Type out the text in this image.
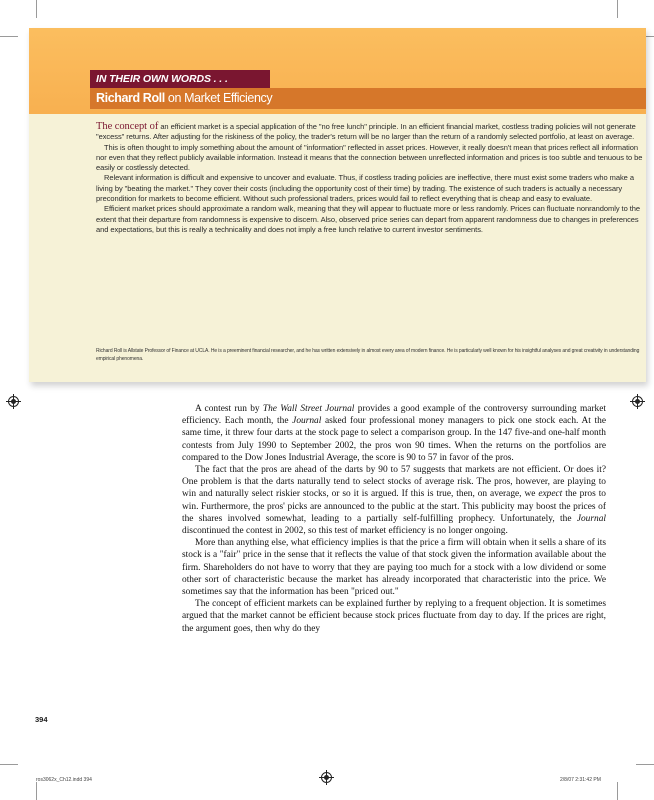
IN THEIR OWN WORDS . . .
Richard Roll on Market Efficiency

The concept of an efficient market is a special application of the "no free lunch" principle. In an efficient financial market, costless trading policies will not generate "excess" returns. After adjusting for the riskiness of the policy, the trader's return will be no larger than the return of a randomly selected portfolio, at least on average.

This is often thought to imply something about the amount of "information" reflected in asset prices. However, it really doesn't mean that prices reflect all information nor even that they reflect publicly available information. Instead it means that the connection between unreflected information and prices is too subtle and tenuous to be easily or costlessly detected.

Relevant information is difficult and expensive to uncover and evaluate. Thus, if costless trading policies are ineffective, there must exist some traders who make a living by "beating the market." They cover their costs (including the opportunity cost of their time) by trading. The existence of such traders is actually a necessary precondition for markets to become efficient. Without such professional traders, prices would fail to reflect everything that is cheap and easy to evaluate.

Efficient market prices should approximate a random walk, meaning that they will appear to fluctuate more or less randomly. Prices can fluctuate nonrandomly to the extent that their departure from randomness is expensive to discern. Also, observed price series can depart from apparent randomness due to changes in preferences and expectations, but this is really a technicality and does not imply a free lunch relative to current investor sentiments.

Richard Roll is Allstate Professor of Finance at UCLA. He is a preeminent financial researcher, and he has written extensively in almost every area of modern finance. He is particularly well known for his insightful analyses and great creativity in understanding empirical phenomena.

A contest run by The Wall Street Journal provides a good example of the controversy surrounding market efficiency. Each month, the Journal asked four professional money managers to pick one stock each. At the same time, it threw four darts at the stock page to select a comparison group. In the 147 five-and one-half month contests from July 1990 to September 2002, the pros won 90 times. When the returns on the portfolios are compared to the Dow Jones Industrial Average, the score is 90 to 57 in favor of the pros.

The fact that the pros are ahead of the darts by 90 to 57 suggests that markets are not efficient. Or does it? One problem is that the darts naturally tend to select stocks of average risk. The pros, however, are playing to win and naturally select riskier stocks, or so it is argued. If this is true, then, on average, we expect the pros to win. Furthermore, the pros' picks are announced to the public at the start. This publicity may boost the prices of the shares involved somewhat, leading to a partially self-fulfilling prophecy. Unfortunately, the Journal discontinued the contest in 2002, so this test of market efficiency is no longer ongoing.

More than anything else, what efficiency implies is that the price a firm will obtain when it sells a share of its stock is a "fair" price in the sense that it reflects the value of that stock given the information available about the firm. Shareholders do not have to worry that they are paying too much for a stock with a low dividend or some other sort of characteristic because the market has already incorporated that characteristic into the price. We sometimes say that the information has been "priced out."

The concept of efficient markets can be explained further by replying to a frequent objection. It is sometimes argued that the market cannot be efficient because stock prices fluctuate from day to day. If the prices are right, the argument goes, then why do they

394
ros3062x_Ch12.indd 394	2/8/07 2:31:42 PM
